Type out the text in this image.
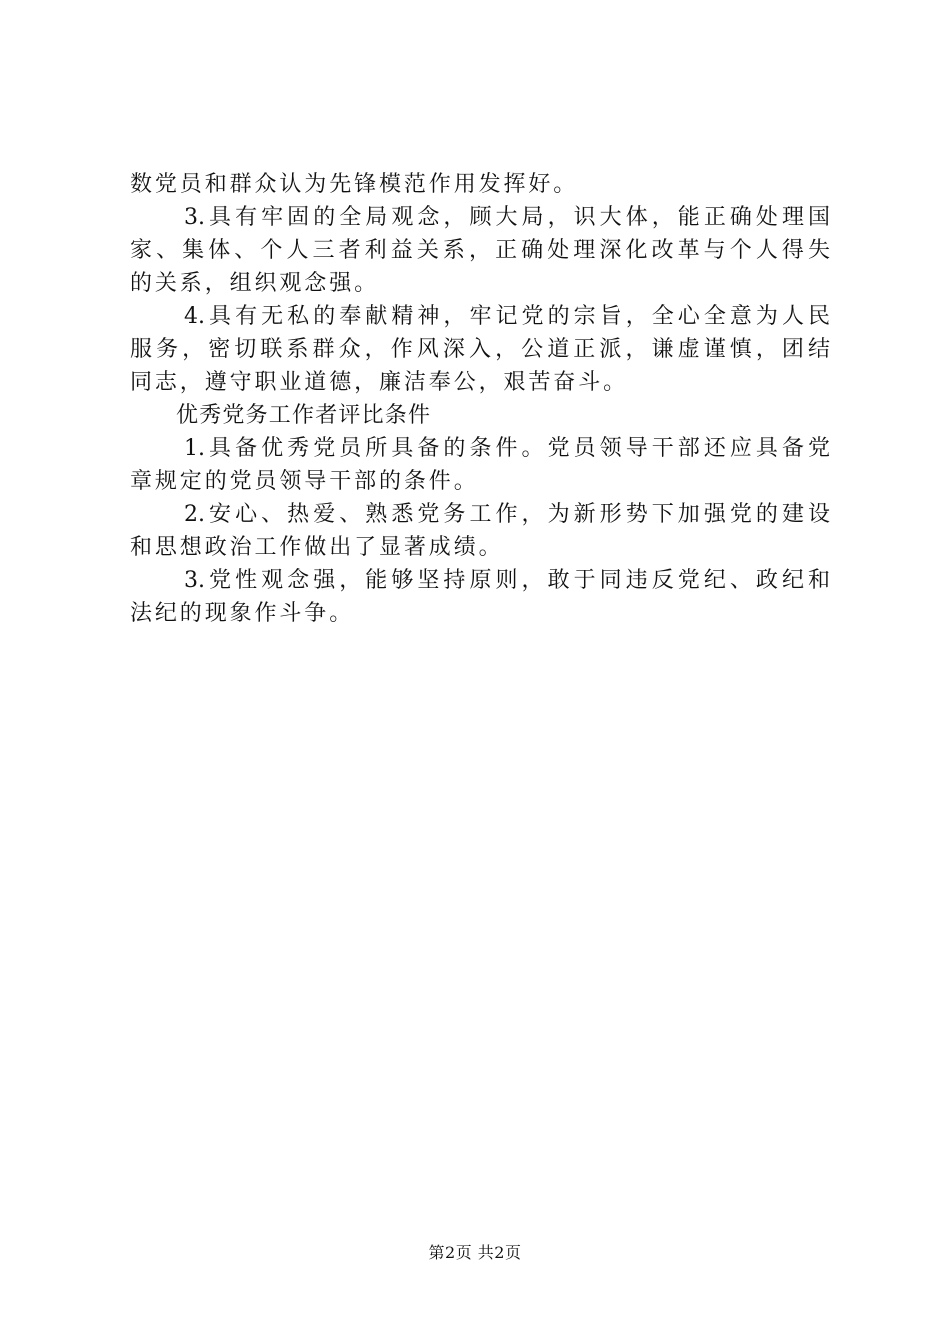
数党员和群众认为先锋模范作用发挥好。
3.具有牢固的全局观念，顾大局，识大体，能正确处理国
家、集体、个人三者利益关系，正确处理深化改革与个人得失
的关系，组织观念强。
4.具有无私的奉献精神，牢记党的宗旨，全心全意为人民
服务，密切联系群众，作风深入，公道正派，谦虚谨慎，团结
同志，遵守职业道德，廉洁奉公，艰苦奋斗。
优秀党务工作者评比条件
1.具备优秀党员所具备的条件。党员领导干部还应具备党
章规定的党员领导干部的条件。
2.安心、热爱、熟悉党务工作，为新形势下加强党的建设
和思想政治工作做出了显著成绩。
3.党性观念强，能够坚持原则，敢于同违反党纪、政纪和
法纪的现象作斗争。
第2页 共2页
